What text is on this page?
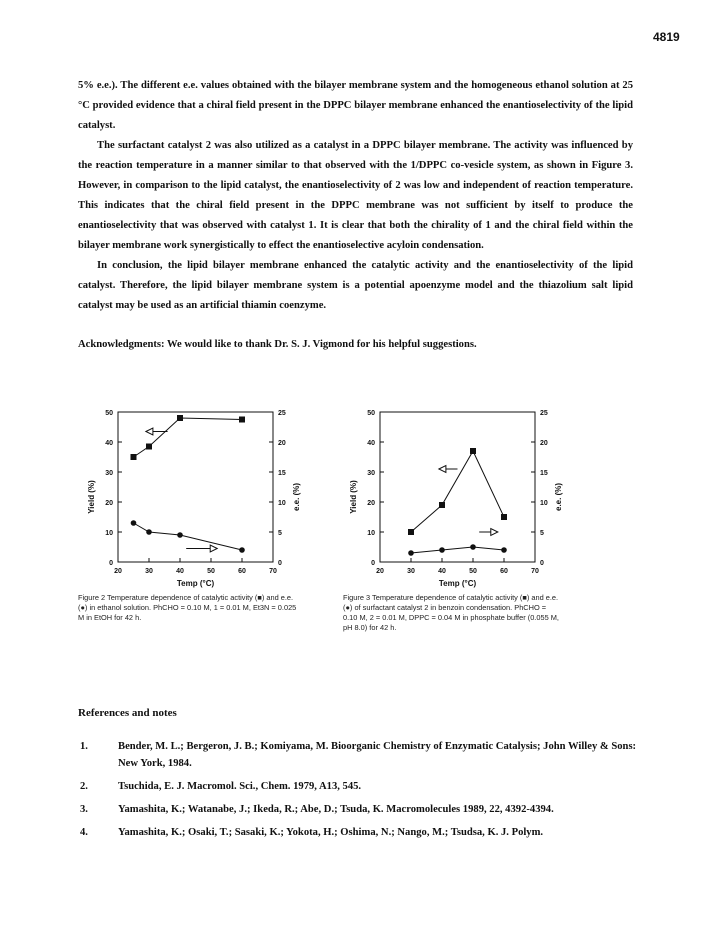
4819

5% e.e.). The different e.e. values obtained with the bilayer membrane system and the homogeneous ethanol solution at 25 °C provided evidence that a chiral field present in the DPPC bilayer membrane enhanced the enantioselectivity of the lipid catalyst.

The surfactant catalyst 2 was also utilized as a catalyst in a DPPC bilayer membrane. The activity was influenced by the reaction temperature in a manner similar to that observed with the 1/DPPC co-vesicle system, as shown in Figure 3. However, in comparison to the lipid catalyst, the enantioselectivity of 2 was low and independent of reaction temperature. This indicates that the chiral field present in the DPPC membrane was not sufficient by itself to produce the enantioselectivity that was observed with catalyst 1. It is clear that both the chirality of 1 and the chiral field within the bilayer membrane work synergistically to effect the enantioselective acyloin condensation.

In conclusion, the lipid bilayer membrane enhanced the catalytic activity and the enantioselectivity of the lipid catalyst. Therefore, the lipid bilayer membrane system is a potential apoenzyme model and the thiazolium salt lipid catalyst may be used as an artificial thiamin coenzyme.

Acknowledgments: We would like to thank Dr. S. J. Vigmond for his helpful suggestions.
0
10
20
30
40
50
0
5
10
15
20
25
20	30	40	50	60	70
Temp (°C)
Yield (%)	e.e. (%)
Figure 2 Temperature dependence of catalytic activity (■) and e.e.(●) in ethanol solution. PhCHO = 0.10 M, 1 = 0.01 M, Et3N = 0.025 M in EtOH for 42 h.
0
10
20
30
40
50
0
5
10
15
20
25
20	30	40	50	60	70
Temp (°C)
Yield (%)	e.e. (%)
Figure 3 Temperature dependence of catalytic activity (■) and e.e. (●) of surfactant catalyst 2 in benzoin condensation. PhCHO = 0.10 M, 2 = 0.01 M, DPPC = 0.04 M in phosphate buffer (0.055 M, pH 8.0) for 42 h.
References and notes
1.	Bender, M. L.; Bergeron, J. B.; Komiyama, M. Bioorganic Chemistry of Enzymatic Catalysis; John Willey & Sons: New York, 1984.
2.	Tsuchida, E. J. Macromol. Sci., Chem. 1979, A13, 545.
3.	Yamashita, K.; Watanabe, J.; Ikeda, R.; Abe, D.; Tsuda, K. Macromolecules 1989, 22, 4392-4394.
4.	Yamashita, K.; Osaki, T.; Sasaki, K.; Yokota, H.; Oshima, N.; Nango, M.; Tsudsa, K. J. Polym.
